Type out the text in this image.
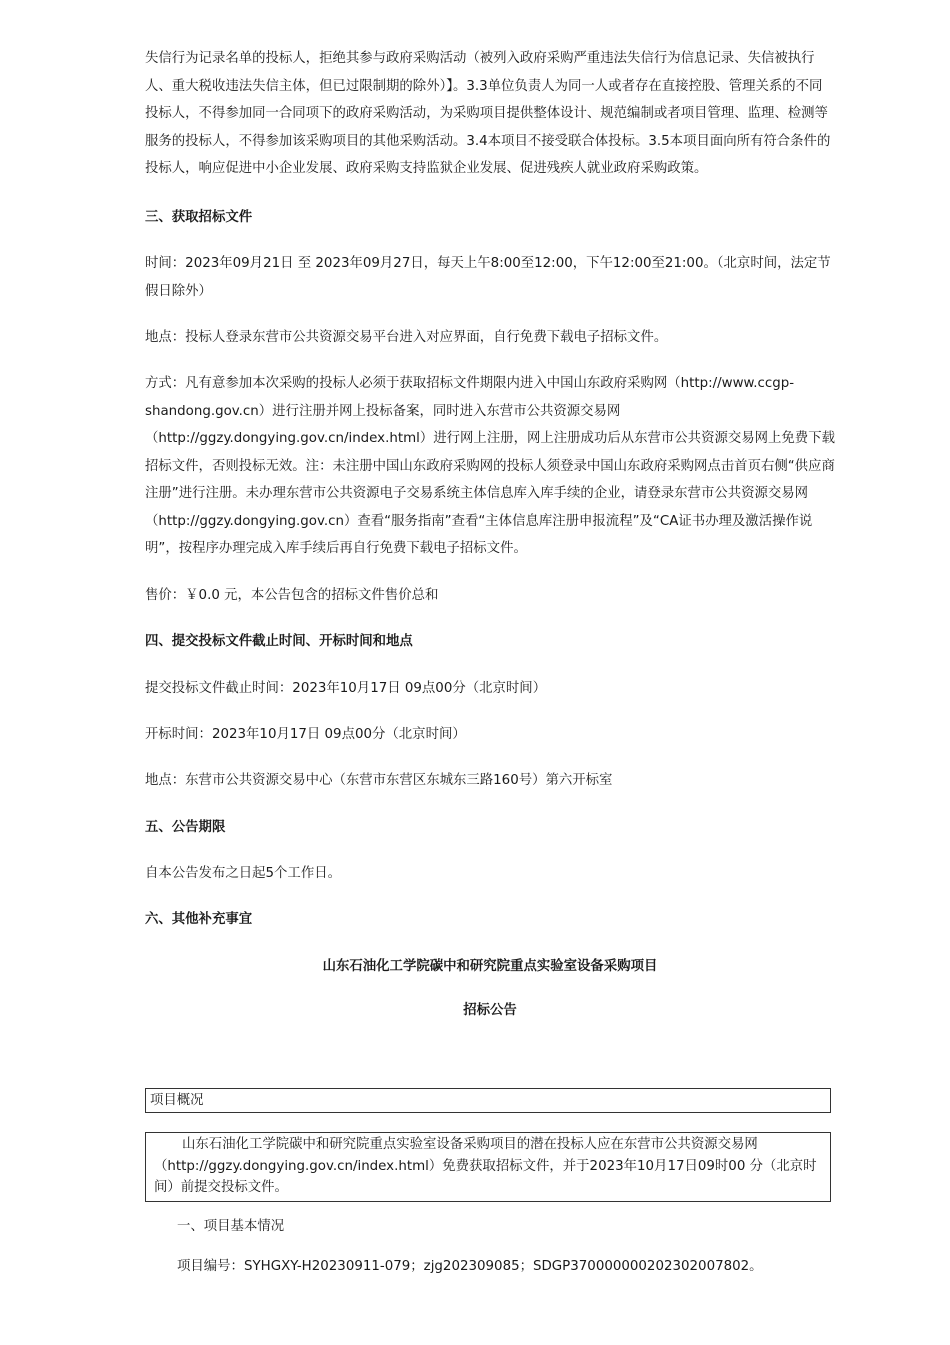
失信行为记录名单的投标人，拒绝其参与政府采购活动（被列入政府采购严重违法失信行为信息记录、失信被执行人、重大税收违法失信主体，但已过限制期的除外）】。3.3单位负责人为同一人或者存在直接控股、管理关系的不同投标人，不得参加同一合同项下的政府采购活动，为采购项目提供整体设计、规范编制或者项目管理、监理、检测等服务的投标人，不得参加该采购项目的其他采购活动。3.4本项目不接受联合体投标。3.5本项目面向所有符合条件的投标人，响应促进中小企业发展、政府采购支持监狱企业发展、促进残疾人就业政府采购政策。

三、获取招标文件

时间：2023年09月21日 至 2023年09月27日，每天上午8:00至12:00，下午12:00至21:00。（北京时间，法定节假日除外）

地点：投标人登录东营市公共资源交易平台进入对应界面，自行免费下载电子招标文件。

方式：凡有意参加本次采购的投标人必须于获取招标文件期限内进入中国山东政府采购网（http://www.ccgp-shandong.gov.cn）进行注册并网上投标备案，同时进入东营市公共资源交易网（http://ggzy.dongying.gov.cn/index.html）进行网上注册，网上注册成功后从东营市公共资源交易网上免费下载招标文件，否则投标无效。注：未注册中国山东政府采购网的投标人须登录中国山东政府采购网点击首页右侧“供应商注册”进行注册。未办理东营市公共资源电子交易系统主体信息库入库手续的企业，请登录东营市公共资源交易网（http://ggzy.dongying.gov.cn）查看“服务指南”查看“主体信息库注册申报流程”及“CA证书办理及激活操作说明”，按程序办理完成入库手续后再自行免费下载电子招标文件。

售价：￥0.0 元，本公告包含的招标文件售价总和

四、提交投标文件截止时间、开标时间和地点

提交投标文件截止时间：2023年10月17日 09点00分（北京时间）

开标时间：2023年10月17日 09点00分（北京时间）

地点：东营市公共资源交易中心（东营市东营区东城东三路160号）第六开标室

五、公告期限

自本公告发布之日起5个工作日。

六、其他补充事宜

山东石油化工学院碳中和研究院重点实验室设备采购项目

招标公告

项目概况
山东石油化工学院碳中和研究院重点实验室设备采购项目的潜在投标人应在东营市公共资源交易网（http://ggzy.dongying.gov.cn/index.html）免费获取招标文件，并于2023年10月17日09时00 分（北京时间）前提交投标文件。

一、项目基本情况

项目编号：SYHGXY-H20230911-079；zjg202309085；SDGP370000000202302007802。
